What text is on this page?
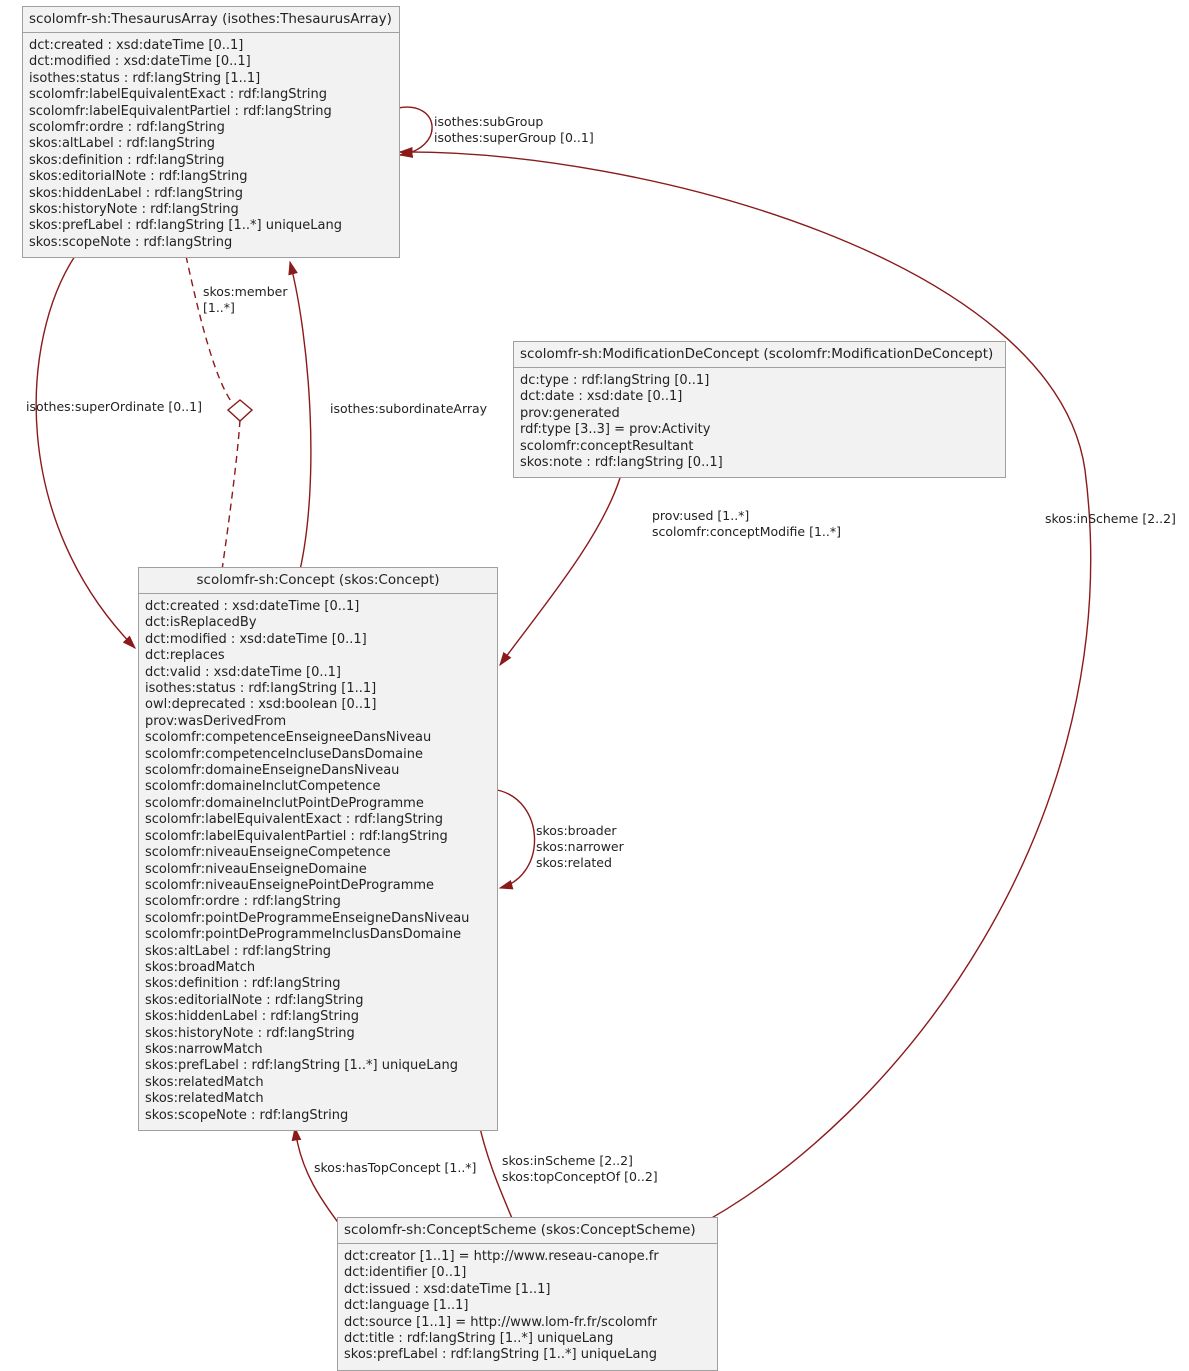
scolomfr-sh:ThesaurusArray (isothes:ThesaurusArray)
dct:created : xsd:dateTime [0..1]
dct:modified : xsd:dateTime [0..1]
isothes:status : rdf:langString [1..1]
scolomfr:labelEquivalentExact : rdf:langString
scolomfr:labelEquivalentPartiel : rdf:langString
scolomfr:ordre : rdf:langString
skos:altLabel : rdf:langString
skos:definition : rdf:langString
skos:editorialNote : rdf:langString
skos:hiddenLabel : rdf:langString
skos:historyNote : rdf:langString
skos:prefLabel : rdf:langString [1..*] uniqueLang
skos:scopeNote : rdf:langString
scolomfr-sh:ModificationDeConcept (scolomfr:ModificationDeConcept)
dc:type : rdf:langString [0..1]
dct:date : xsd:date [0..1]
prov:generated
rdf:type [3..3] = prov:Activity
scolomfr:conceptResultant
skos:note : rdf:langString [0..1]
scolomfr-sh:Concept (skos:Concept)
dct:created : xsd:dateTime [0..1]
dct:isReplacedBy
dct:modified : xsd:dateTime [0..1]
dct:replaces
dct:valid : xsd:dateTime [0..1]
isothes:status : rdf:langString [1..1]
owl:deprecated : xsd:boolean [0..1]
prov:wasDerivedFrom
scolomfr:competenceEnseigneeDansNiveau
scolomfr:competenceIncluseDansDomaine
scolomfr:domaineEnseigneDansNiveau
scolomfr:domaineInclutCompetence
scolomfr:domaineInclutPointDeProgramme
scolomfr:labelEquivalentExact : rdf:langString
scolomfr:labelEquivalentPartiel : rdf:langString
scolomfr:niveauEnseigneCompetence
scolomfr:niveauEnseigneDomaine
scolomfr:niveauEnseignePointDeProgramme
scolomfr:ordre : rdf:langString
scolomfr:pointDeProgrammeEnseigneDansNiveau
scolomfr:pointDeProgrammeInclusDansDomaine
skos:altLabel : rdf:langString
skos:broadMatch
skos:definition : rdf:langString
skos:editorialNote : rdf:langString
skos:hiddenLabel : rdf:langString
skos:historyNote : rdf:langString
skos:narrowMatch
skos:prefLabel : rdf:langString [1..*] uniqueLang
skos:relatedMatch
skos:relatedMatch
skos:scopeNote : rdf:langString
scolomfr-sh:ConceptScheme (skos:ConceptScheme)
dct:creator [1..1] = http://www.reseau-canope.fr
dct:identifier [0..1]
dct:issued : xsd:dateTime [1..1]
dct:language [1..1]
dct:source [1..1] = http://www.lom-fr.fr/scolomfr
dct:title : rdf:langString [1..*] uniqueLang
skos:prefLabel : rdf:langString [1..*] uniqueLang
isothes:subGroup
isothes:superGroup [0..1]
skos:member
[1..*]
isothes:superOrdinate [0..1]	isothes:subordinateArray
prov:used [1..*]
scolomfr:conceptModifie [1..*]
skos:inScheme [2..2]
skos:broader
skos:narrower
skos:related
skos:hasTopConcept [1..*] skos:inScheme [2..2]
skos:topConceptOf [0..2]
